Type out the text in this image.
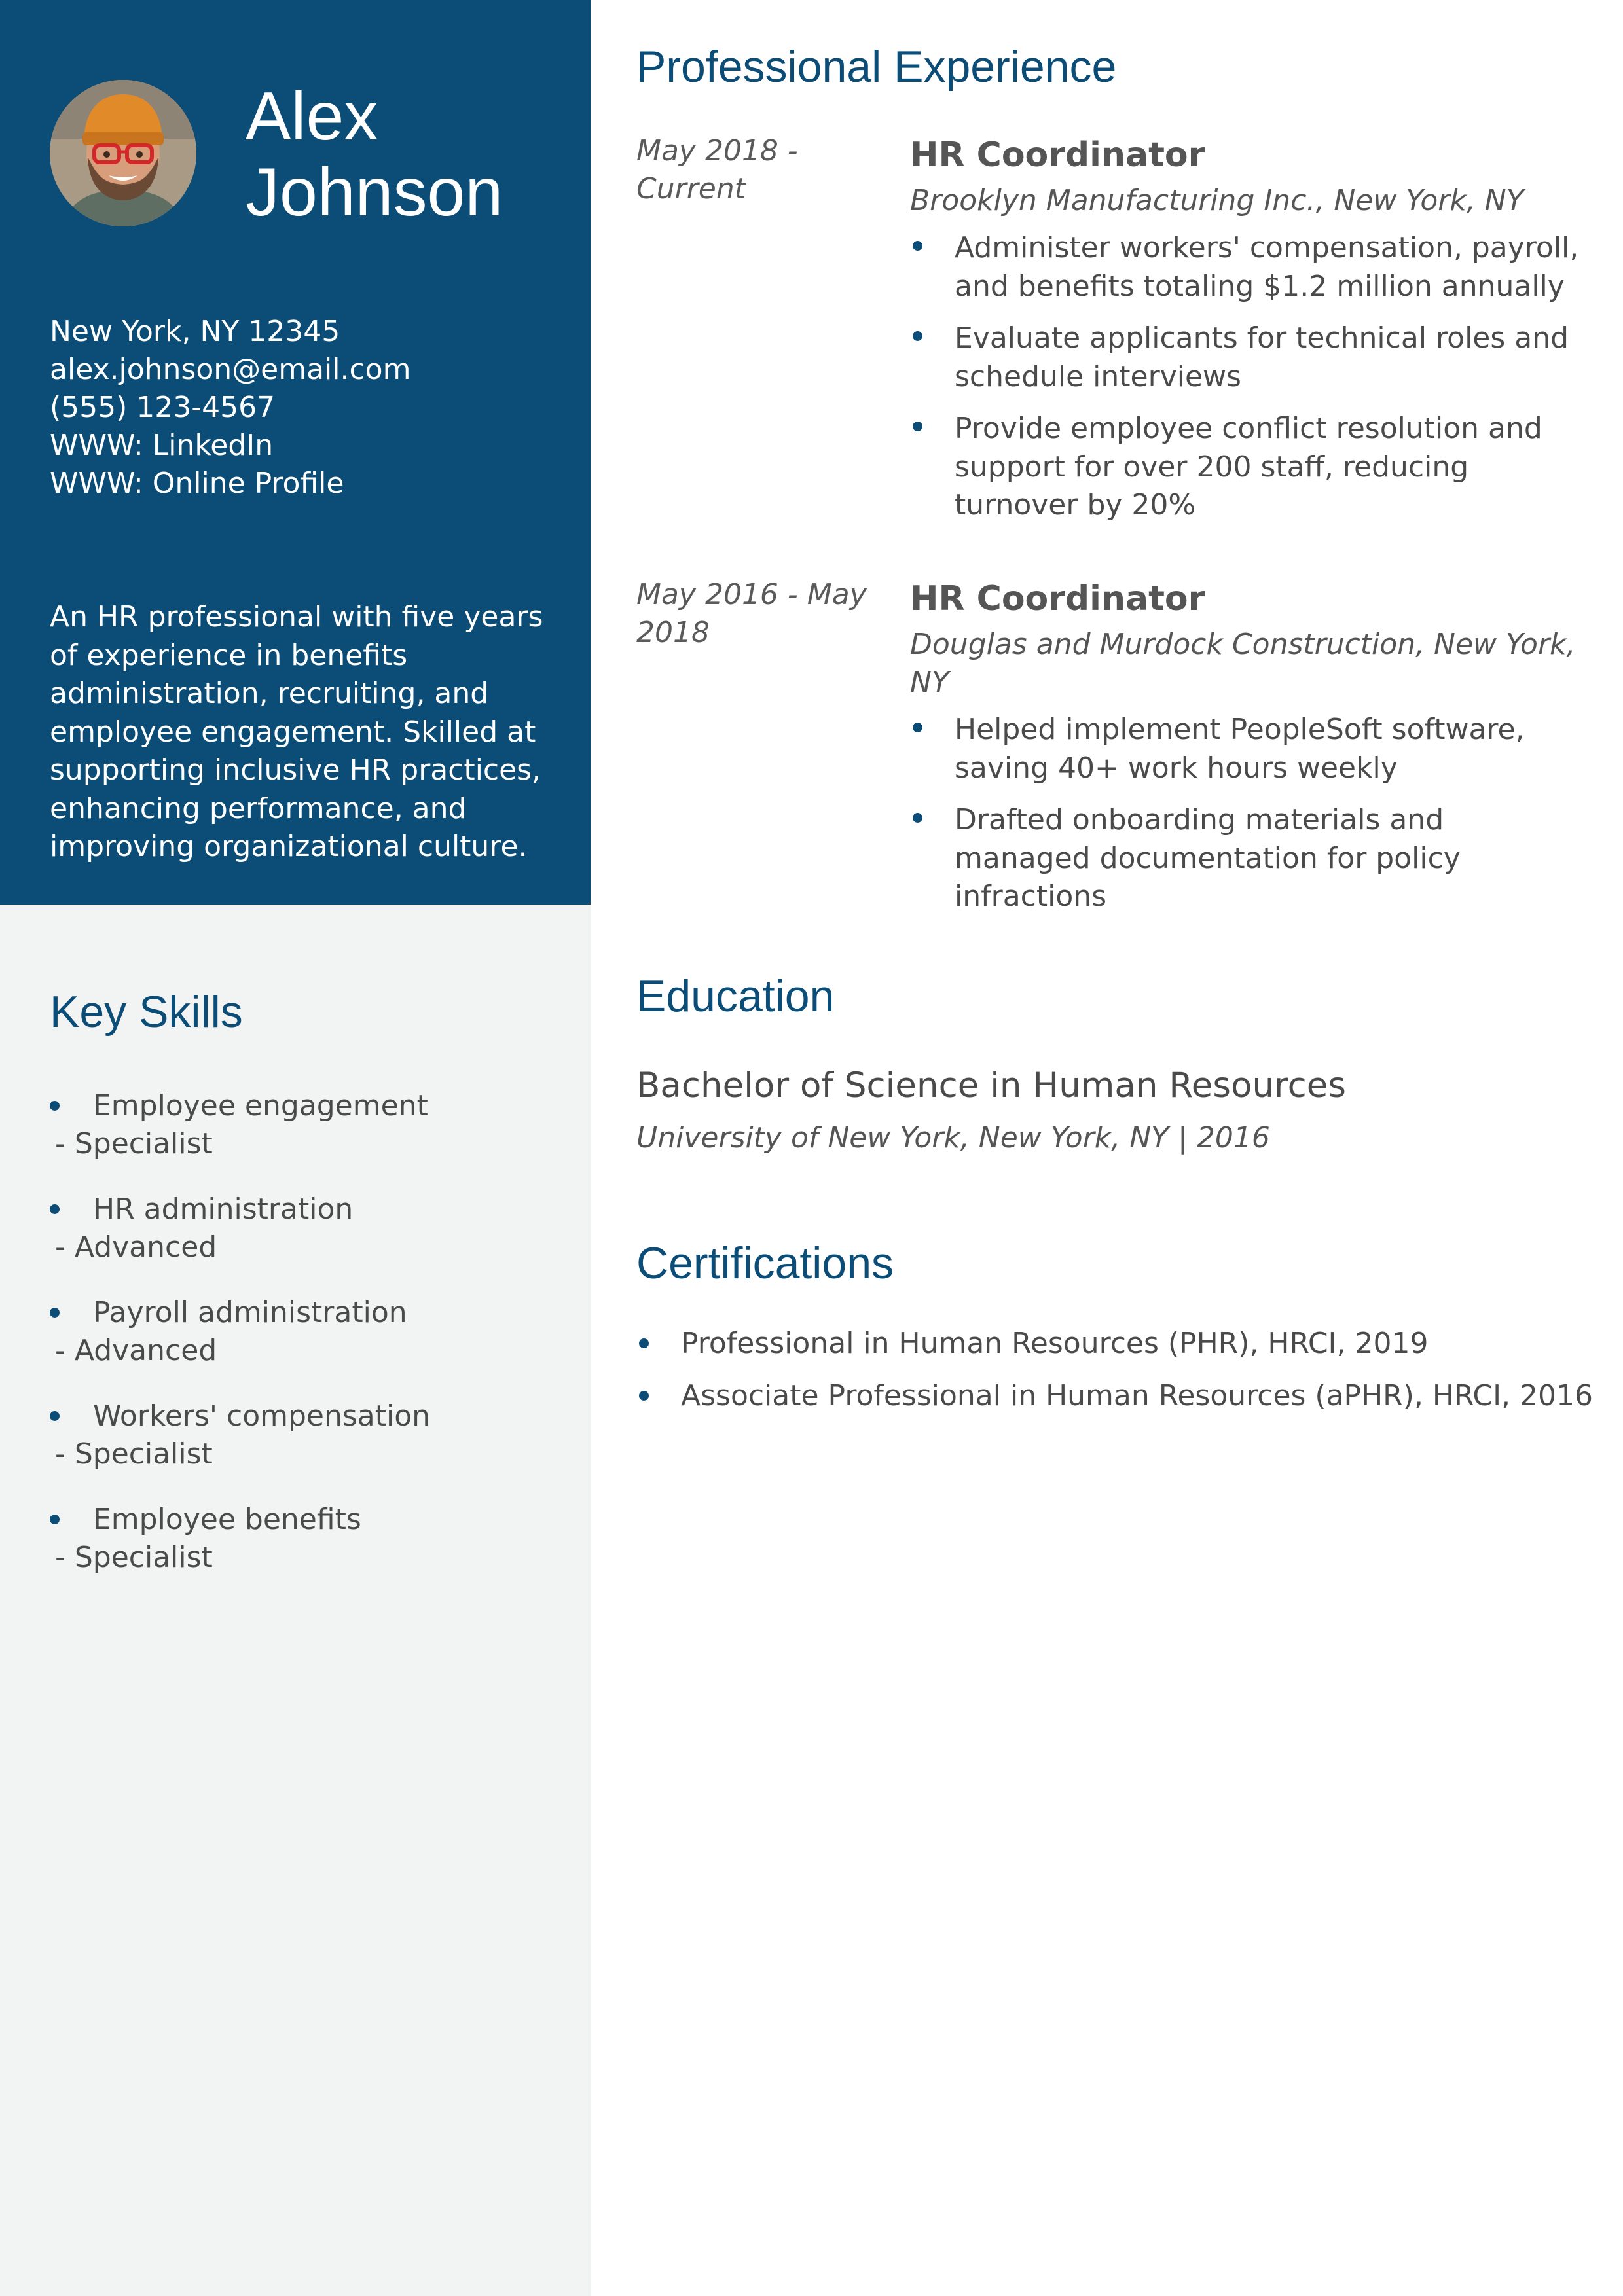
Alex
Johnson
New York, NY 12345
alex.johnson@email.com
(555) 123-4567
WWW: LinkedIn
WWW: Online Profile
An HR professional with five years of experience in benefits administration, recruiting, and employee engagement. Skilled at supporting inclusive HR practices, enhancing performance, and improving organizational culture.
Key Skills
Employee engagement
- Specialist
HR administration
- Advanced
Payroll administration
- Advanced
Workers' compensation
- Specialist
Employee benefits
- Specialist
Professional Experience
May 2018 - Current
HR Coordinator
Brooklyn Manufacturing Inc., New York, NY
Administer workers' compensation, payroll, and benefits totaling $1.2 million annually
Evaluate applicants for technical roles and schedule interviews
Provide employee conflict resolution and support for over 200 staff, reducing turnover by 20%
May 2016 - May 2018
HR Coordinator
Douglas and Murdock Construction, New York, NY
Helped implement PeopleSoft software, saving 40+ work hours weekly
Drafted onboarding materials and managed documentation for policy infractions
Education
Bachelor of Science in Human Resources
University of New York, New York, NY | 2016
Certifications
Professional in Human Resources (PHR), HRCI, 2019
Associate Professional in Human Resources (aPHR), HRCI, 2016
